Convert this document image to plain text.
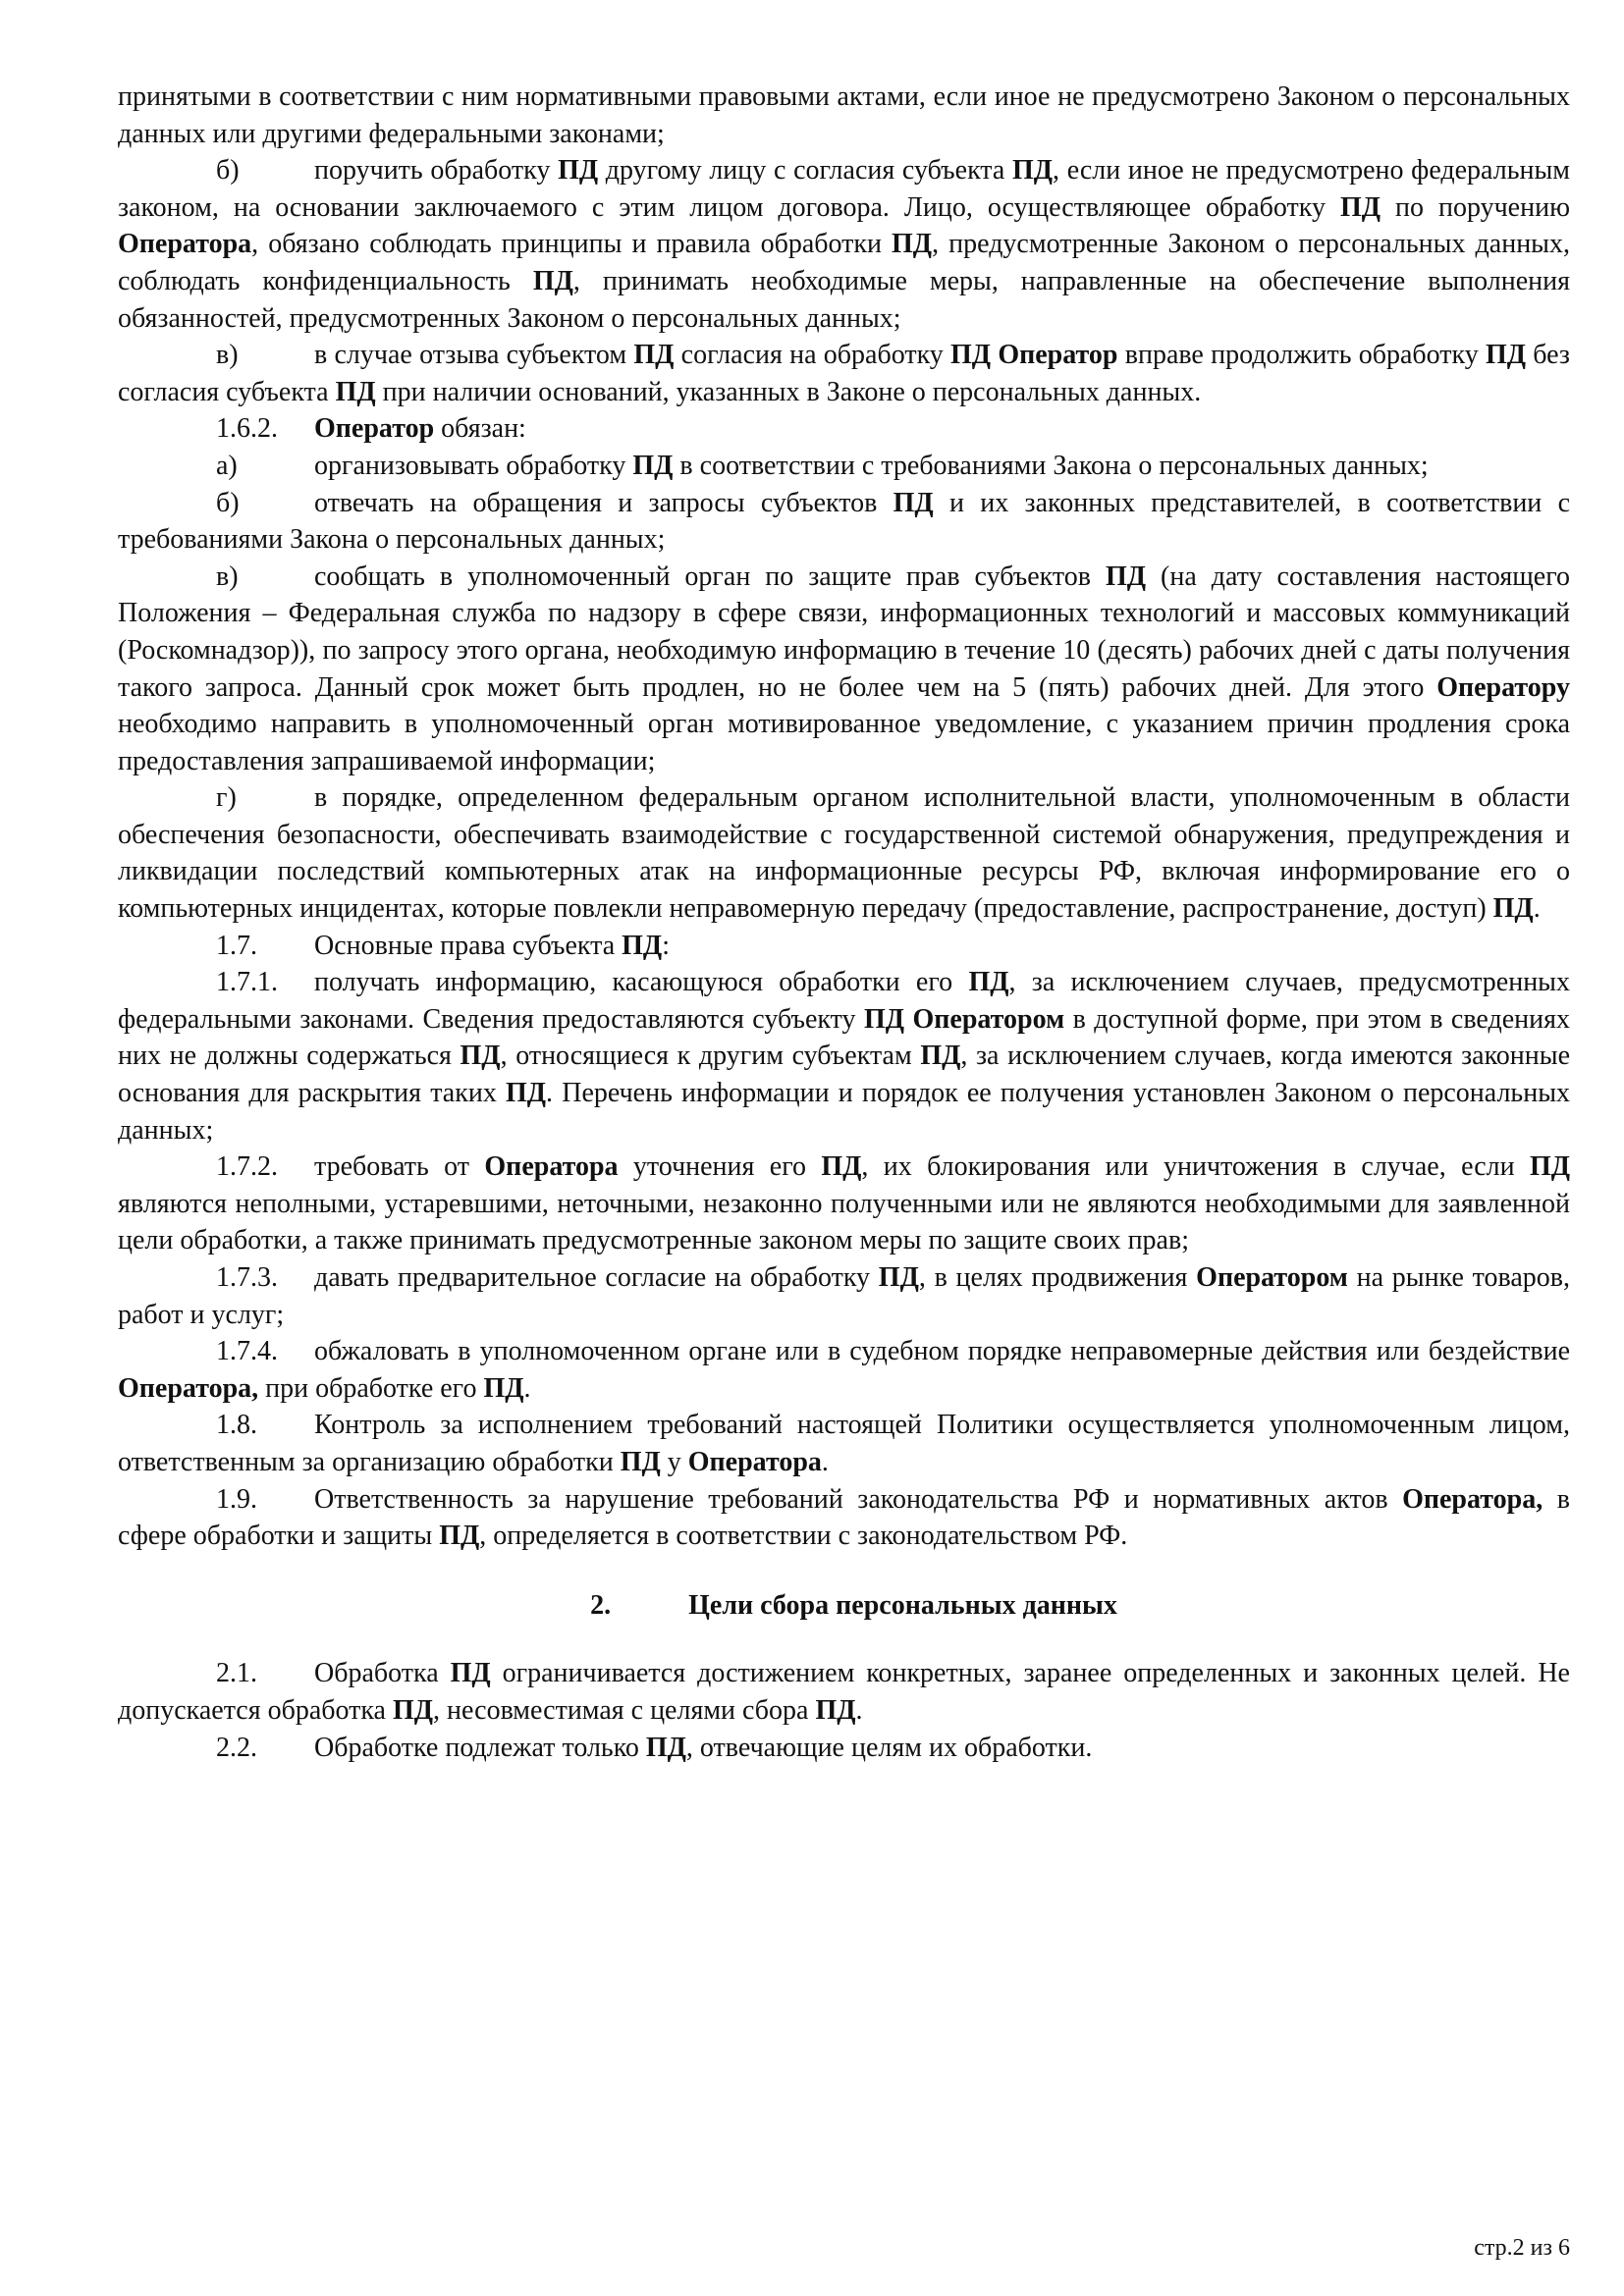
принятыми в соответствии с ним нормативными правовыми актами, если иное не предусмотрено Законом о персональных данных или другими федеральными законами;

б)	поручить обработку ПД другому лицу с согласия субъекта ПД, если иное не предусмотрено федеральным законом, на основании заключаемого с этим лицом договора. Лицо, осуществляющее обработку ПД по поручению Оператора, обязано соблюдать принципы и правила обработки ПД, предусмотренные Законом о персональных данных, соблюдать конфиденциальность ПД, принимать необходимые меры, направленные на обеспечение выполнения обязанностей, предусмотренных Законом о персональных данных;

в)	в случае отзыва субъектом ПД согласия на обработку ПД Оператор вправе продолжить обработку ПД без согласия субъекта ПД при наличии оснований, указанных в Законе о персональных данных.

1.6.2. Оператор обязан:

а)	организовывать обработку ПД в соответствии с требованиями Закона о персональных данных;

б)	отвечать на обращения и запросы субъектов ПД и их законных представителей, в соответствии с требованиями Закона о персональных данных;

в)	сообщать в уполномоченный орган по защите прав субъектов ПД (на дату составления настоящего Положения – Федеральная служба по надзору в сфере связи, информационных технологий и массовых коммуникаций (Роскомнадзор)), по запросу этого органа, необходимую информацию в течение 10 (десять) рабочих дней с даты получения такого запроса. Данный срок может быть продлен, но не более чем на 5 (пять) рабочих дней. Для этого Оператору необходимо направить в уполномоченный орган мотивированное уведомление, с указанием причин продления срока предоставления запрашиваемой информации;

г)	в порядке, определенном федеральным органом исполнительной власти, уполномоченным в области обеспечения безопасности, обеспечивать взаимодействие с государственной системой обнаружения, предупреждения и ликвидации последствий компьютерных атак на информационные ресурсы РФ, включая информирование его о компьютерных инцидентах, которые повлекли неправомерную передачу (предоставление, распространение, доступ) ПД.

1.7. Основные права субъекта ПД:

1.7.1. получать информацию, касающуюся обработки его ПД, за исключением случаев, предусмотренных федеральными законами. Сведения предоставляются субъекту ПД Оператором в доступной форме, при этом в сведениях них не должны содержаться ПД, относящиеся к другим субъектам ПД, за исключением случаев, когда имеются законные основания для раскрытия таких ПД. Перечень информации и порядок ее получения установлен Законом о персональных данных;

1.7.2. требовать от Оператора уточнения его ПД, их блокирования или уничтожения в случае, если ПД являются неполными, устаревшими, неточными, незаконно полученными или не являются необходимыми для заявленной цели обработки, а также принимать предусмотренные законом меры по защите своих прав;

1.7.3. давать предварительное согласие на обработку ПД, в целях продвижения Оператором на рынке товаров, работ и услуг;

1.7.4. обжаловать в уполномоченном органе или в судебном порядке неправомерные действия или бездействие Оператора, при обработке его ПД.

1.8. Контроль за исполнением требований настоящей Политики осуществляется уполномоченным лицом, ответственным за организацию обработки ПД у Оператора.

1.9. Ответственность за нарушение требований законодательства РФ и нормативных актов Оператора, в сфере обработки и защиты ПД, определяется в соответствии с законодательством РФ.

2.	Цели сбора персональных данных

2.1. Обработка ПД ограничивается достижением конкретных, заранее определенных и законных целей. Не допускается обработка ПД, несовместимая с целями сбора ПД.

2.2. Обработке подлежат только ПД, отвечающие целям их обработки.

стр.2 из 6
